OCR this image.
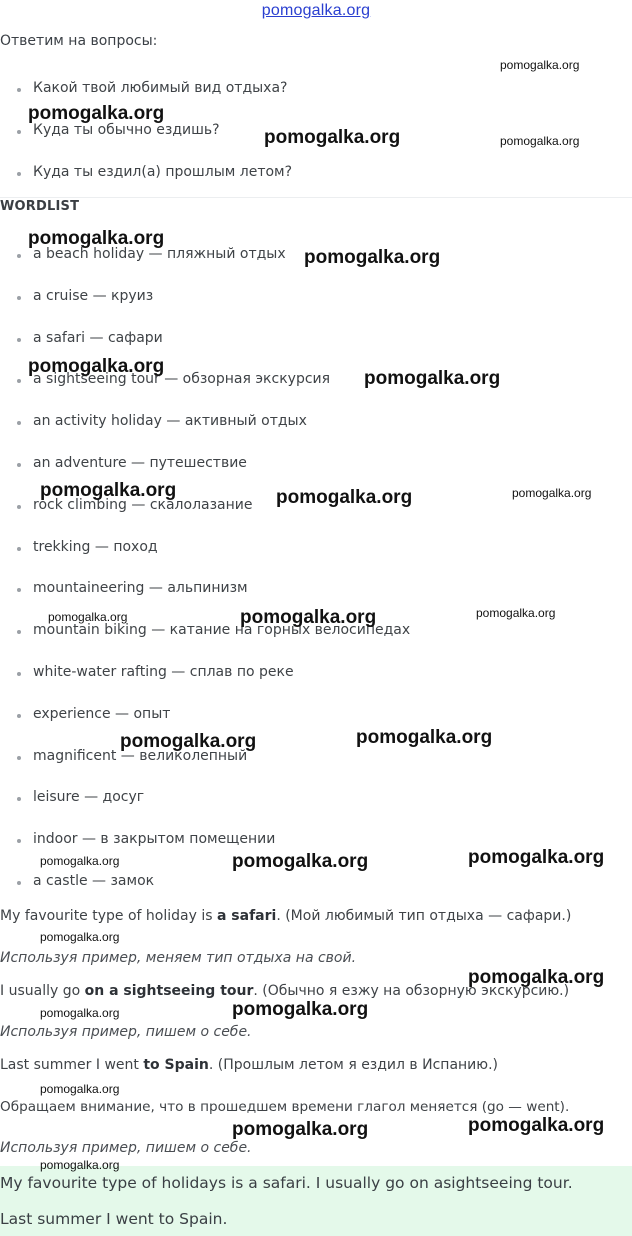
pomogalka.org
Ответим на вопросы:
Какой твой любимый вид отдыха?
Куда ты обычно ездишь?
Куда ты ездил(а) прошлым летом?
WORDLIST
a beach holiday — пляжный отдых
a cruise — круиз
a safari — сафари
a sightseeing tour — обзорная экскурсия
an activity holiday — активный отдых
an adventure — путешествие
rock climbing — скалолазание
trekking — поход
mountaineering — альпинизм
mountain biking — катание на горных велосипедах
white-water rafting — сплав по реке
experience — опыт
magnificent — великолепный
leisure — досуг
indoor — в закрытом помещении
a castle — замок
My favourite type of holiday is a safari. (Мой любимый тип отдыха — сафари.)
Используя пример, меняем тип отдыха на свой.
I usually go on a sightseeing tour. (Обычно я езжу на обзорную экскурсию.)
Используя пример, пишем о себе.
Last summer I went to Spain. (Прошлым летом я ездил в Испанию.)
Обращаем внимание, что в прошедшем времени глагол меняется (go — went).
Используя пример, пишем о себе.
My favourite type of holidays is a safari. I usually go on asightseeing tour.
Last summer I went to Spain.
pomogalka.org
pomogalka.org
pomogalka.org	pomogalka.org
pomogalka.org
pomogalka.org
pomogalka.org
pomogalka.org
pomogalka.org	pomogalka.org	pomogalka.org
pomogalka.org	pomogalka.org	pomogalka.org
pomogalka.org	pomogalka.org
pomogalka.org	pomogalka.org	pomogalka.org
pomogalka.org
pomogalka.org
pomogalka.org	pomogalka.org
pomogalka.org
pomogalka.org	pomogalka.org
pomogalka.org
